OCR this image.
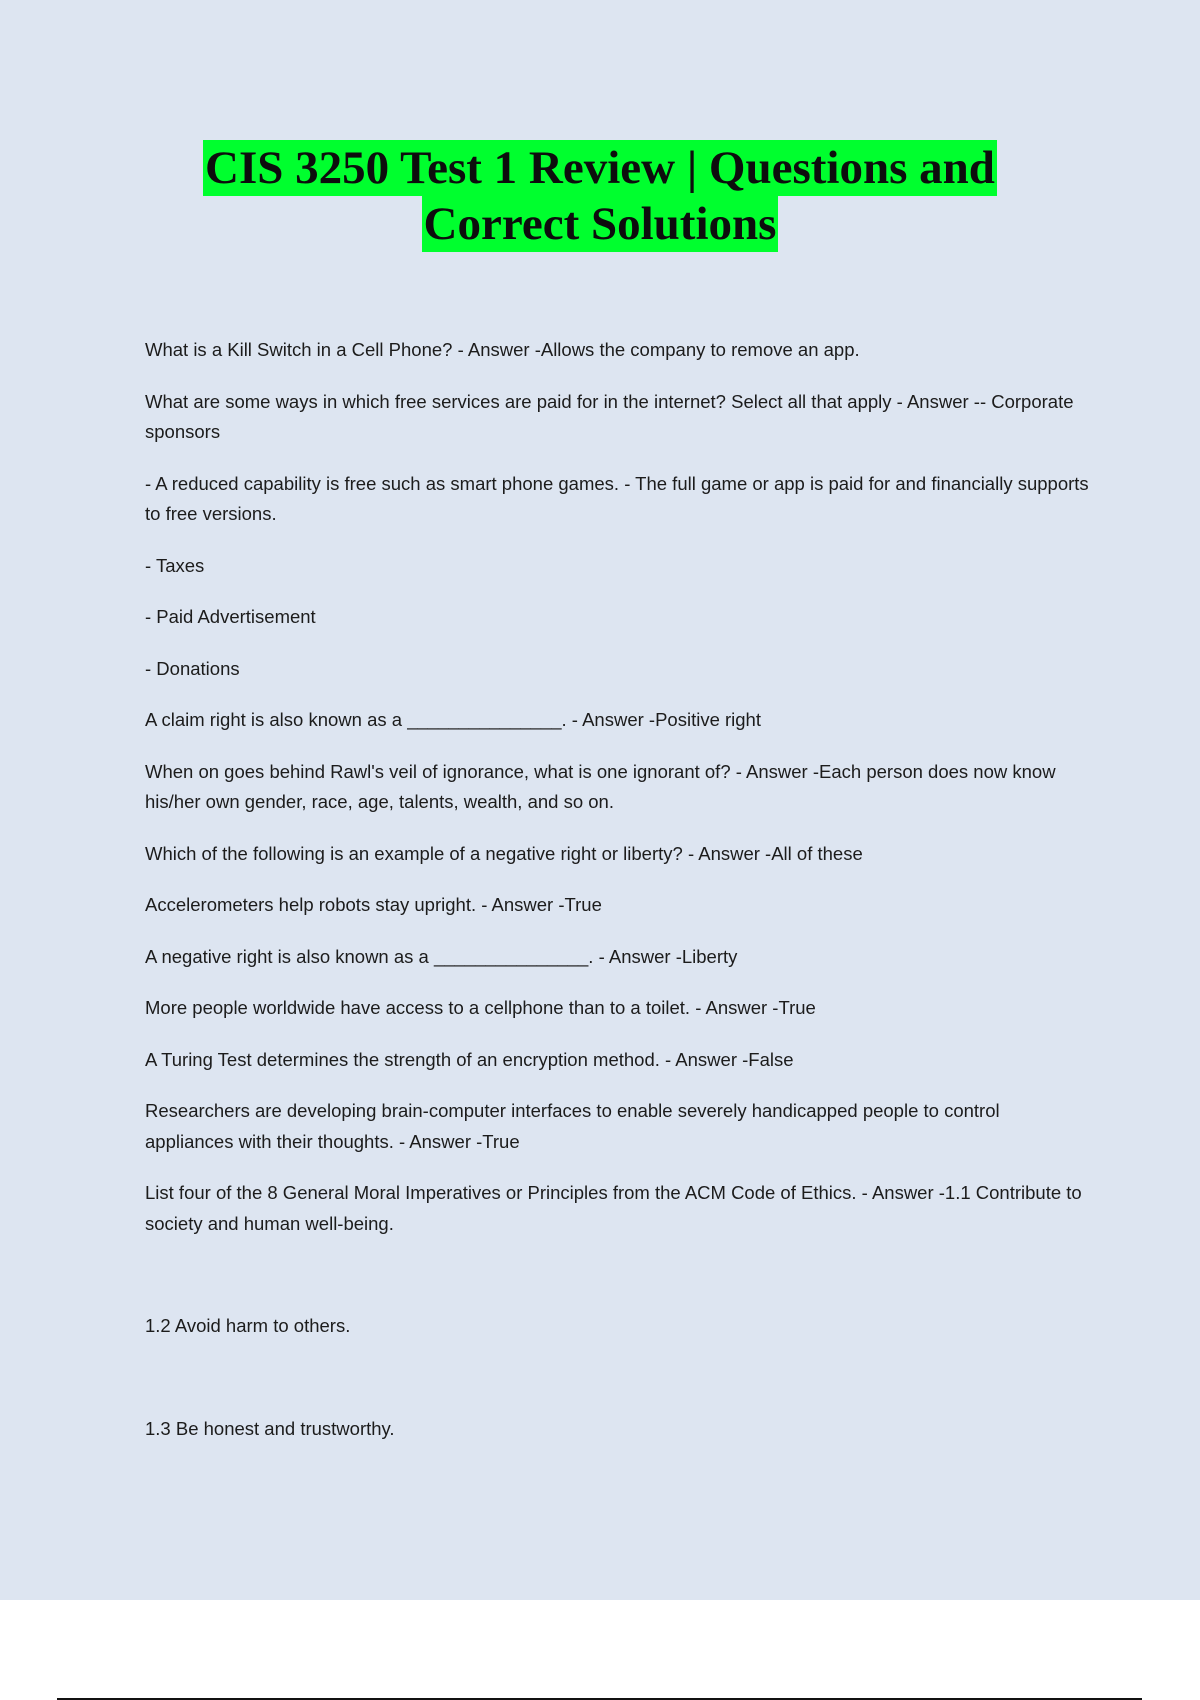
CIS 3250 Test 1 Review | Questions and
Correct Solutions

What is a Kill Switch in a Cell Phone? - Answer -Allows the company to remove an app.

What are some ways in which free services are paid for in the internet? Select all that apply - Answer -- Corporate sponsors

- A reduced capability is free such as smart phone games. - The full game or app is paid for and financially supports to free versions.

- Taxes

- Paid Advertisement

- Donations

A claim right is also known as a _______________. - Answer -Positive right

When on goes behind Rawl's veil of ignorance, what is one ignorant of? - Answer -Each person does now know his/her own gender, race, age, talents, wealth, and so on.

Which of the following is an example of a negative right or liberty? - Answer -All of these

Accelerometers help robots stay upright. - Answer -True

A negative right is also known as a _______________. - Answer -Liberty

More people worldwide have access to a cellphone than to a toilet. - Answer -True

A Turing Test determines the strength of an encryption method. - Answer -False

Researchers are developing brain-computer interfaces to enable severely handicapped people to control appliances with their thoughts. - Answer -True

List four of the 8 General Moral Imperatives or Principles from the ACM Code of Ethics. - Answer -1.1 Contribute to society and human well-being.

1.2 Avoid harm to others.

1.3 Be honest and trustworthy.
